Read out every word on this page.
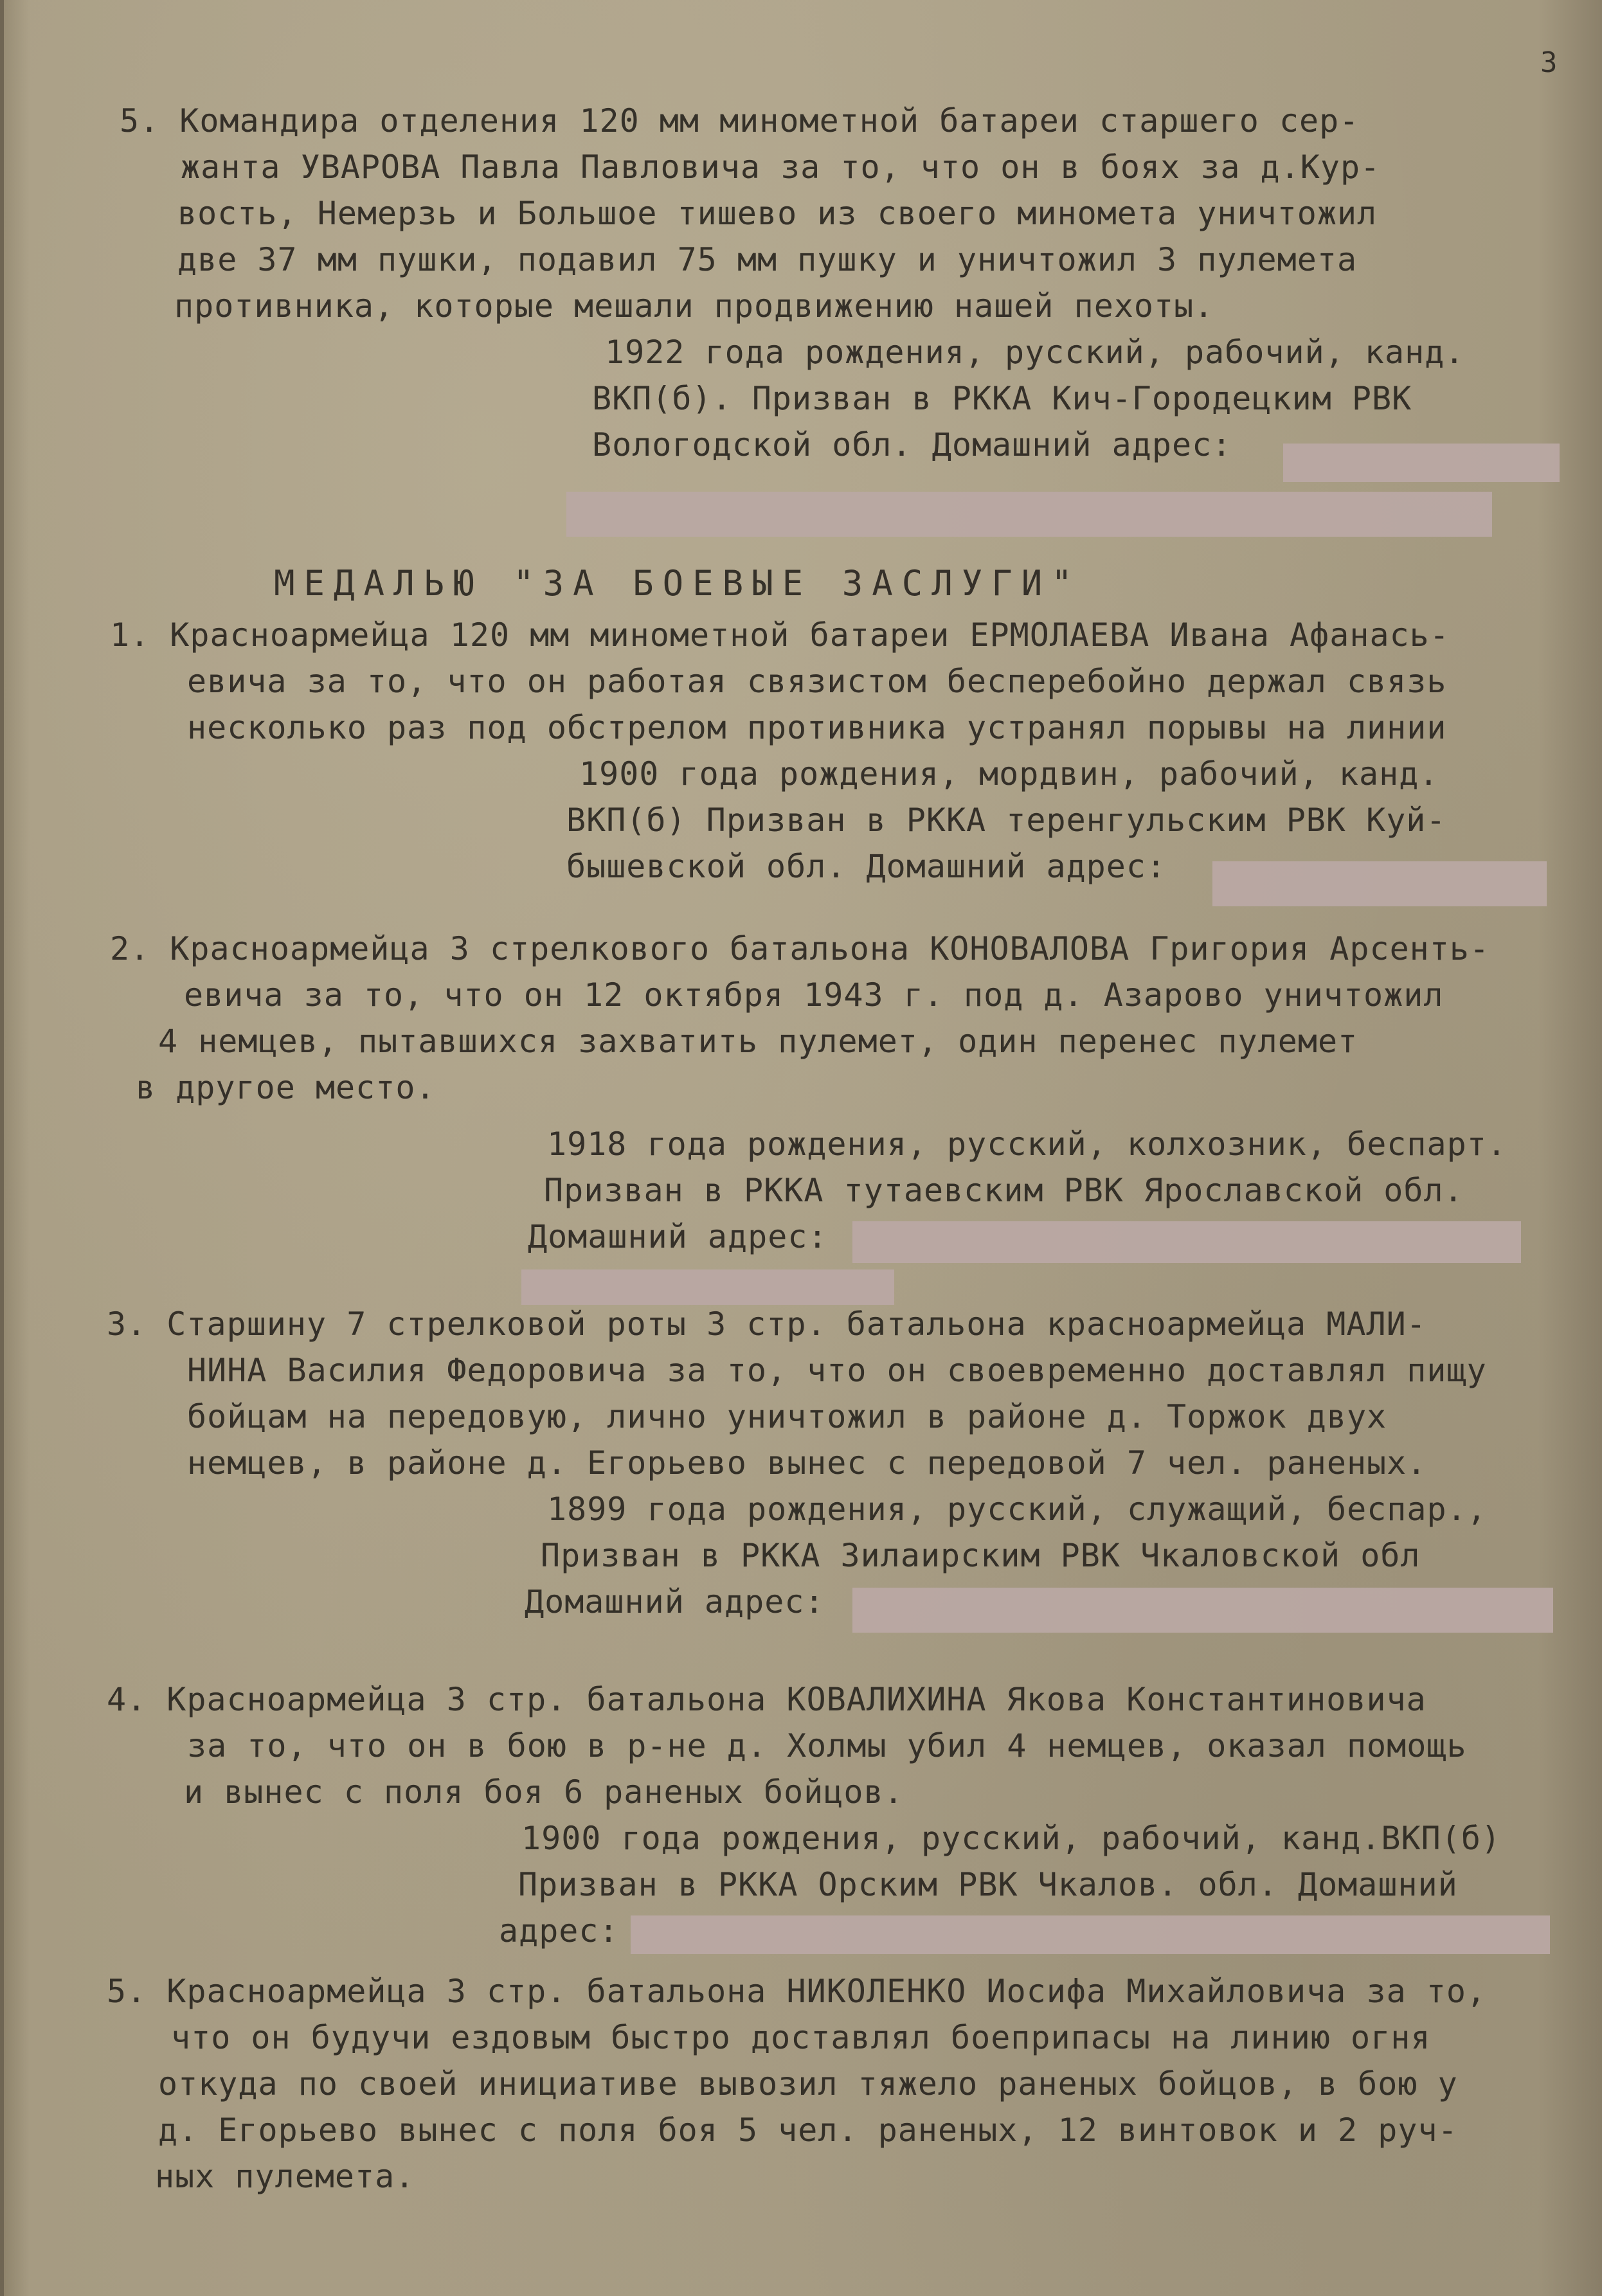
3
5. Командира отделения 120 мм минометной батареи старшего сер-
жанта УВАРОВА Павла Павловича за то, что он в боях за д.Кур-
вость, Немерзь и Большое тишево из своего миномета уничтожил
две 37 мм пушки, подавил 75 мм пушку и уничтожил 3 пулемета
противника, которые мешали продвижению нашей пехоты.
1922 года рождения, русский, рабочий, канд.
ВКП(б). Призван в РККА Кич-Городецким РВК
Вологодской обл. Домашний адрес:
МЕДАЛЬЮ "ЗА БОЕВЫЕ ЗАСЛУГИ"
1. Красноармейца 120 мм минометной батареи ЕРМОЛАЕВА Ивана Афанась-
евича за то, что он работая связистом бесперебойно держал связь
несколько раз под обстрелом противника устранял порывы на линии
1900 года рождения, мордвин, рабочий, канд.
ВКП(б) Призван в РККА теренгульским РВК Куй-
бышевской обл. Домашний адрес:
2. Красноармейца 3 стрелкового батальона КОНОВАЛОВА Григория Арсенть-
евича за то, что он 12 октября 1943 г. под д. Азарово уничтожил
4 немцев, пытавшихся захватить пулемет, один перенес пулемет
в другое место.
1918 года рождения, русский, колхозник, беспарт.
Призван в РККА тутаевским РВК Ярославской обл.
Домашний адрес:
3. Старшину 7 стрелковой роты 3 стр. батальона красноармейца МАЛИ-
НИНА Василия Федоровича за то, что он своевременно доставлял пищу
бойцам на передовую, лично уничтожил в районе д. Торжок двух
немцев, в районе д. Егорьево вынес с передовой 7 чел. раненых.
1899 года рождения, русский, служащий, беспар.,
Призван в РККА Зилаирским РВК Чкаловской обл
Домашний адрес:
4. Красноармейца 3 стр. батальона КОВАЛИХИНА Якова Константиновича
за то, что он в бою в р-не д. Холмы убил 4 немцев, оказал помощь
и вынес с поля боя 6 раненых бойцов.
1900 года рождения, русский, рабочий, канд.ВКП(б)
Призван в РККА Орским РВК Чкалов. обл. Домашний
адрес:
5. Красноармейца 3 стр. батальона НИКОЛЕНКО Иосифа Михайловича за то,
что он будучи ездовым быстро доставлял боеприпасы на линию огня
откуда по своей инициативе вывозил тяжело раненых бойцов, в бою у
д. Егорьево вынес с поля боя 5 чел. раненых, 12 винтовок и 2 руч-
ных пулемета.
